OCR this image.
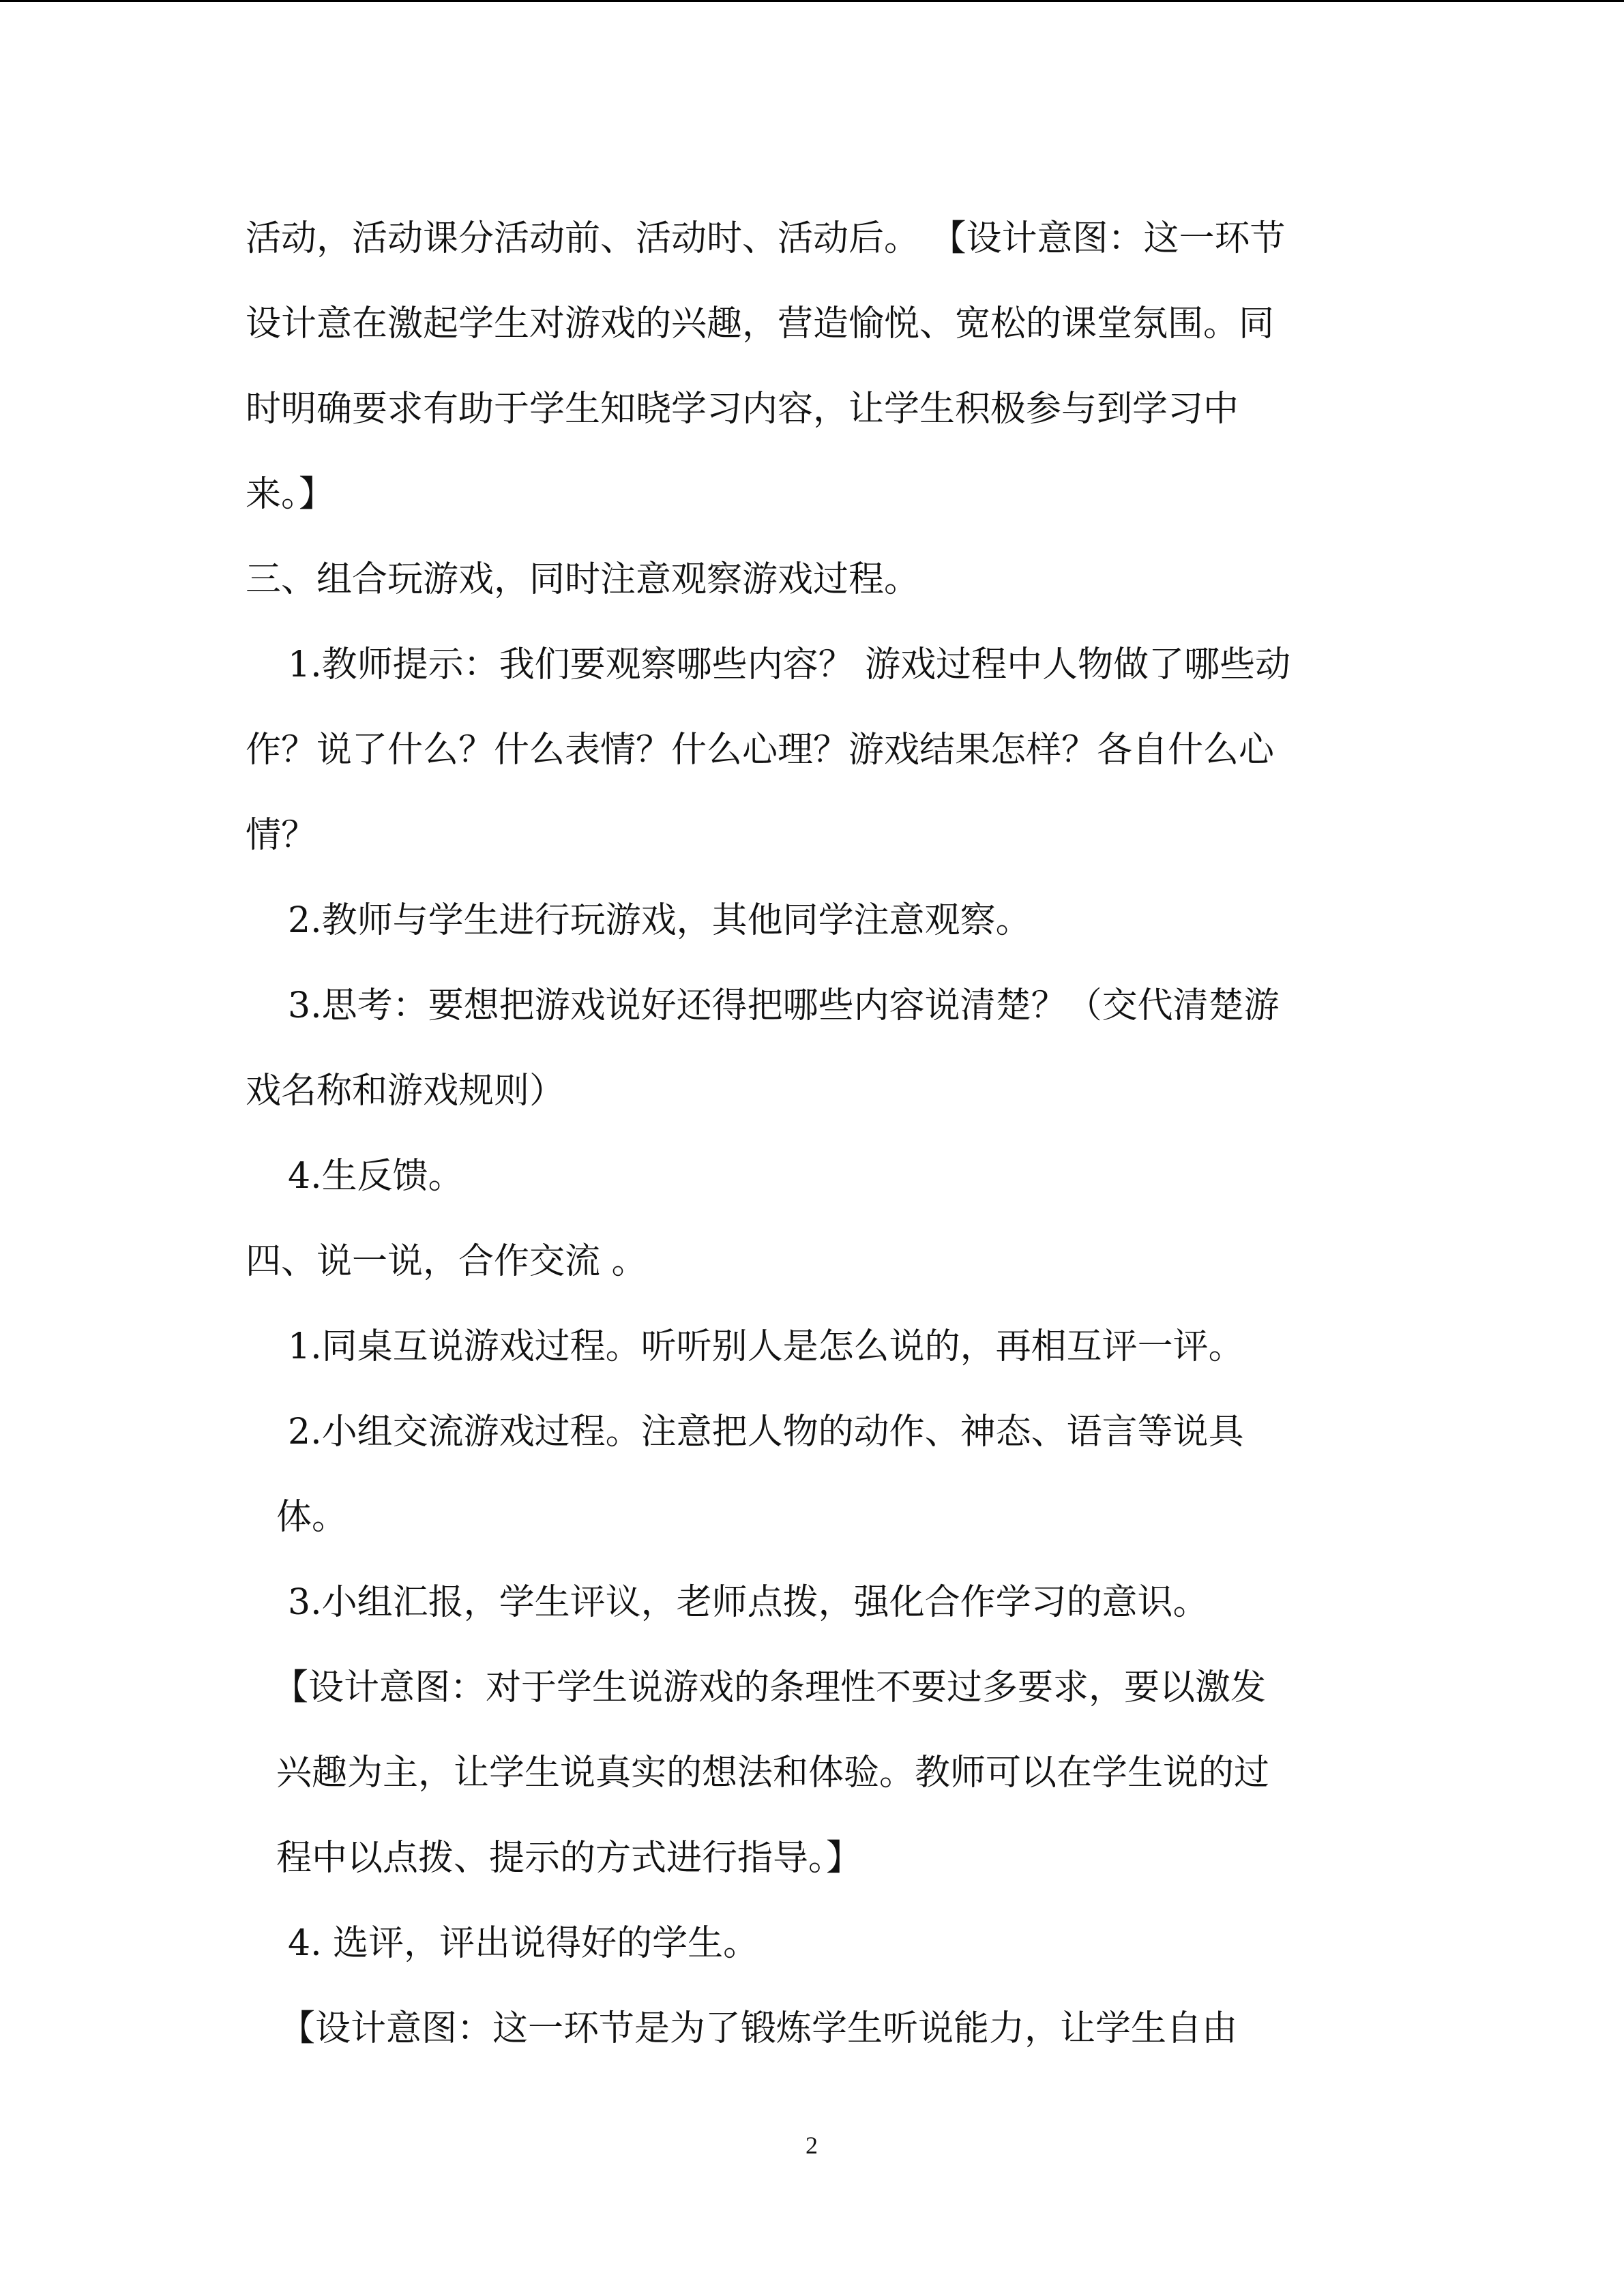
活动，活动课分活动前、活动时、活动后。 【设计意图：这一环节

设计意在激起学生对游戏的兴趣，营造愉悦、宽松的课堂氛围。同

时明确要求有助于学生知晓学习内容，让学生积极参与到学习中

来。】

三、组合玩游戏，同时注意观察游戏过程。

1.教师提示：我们要观察哪些内容？ 游戏过程中人物做了哪些动

作？说了什么？什么表情？什么心理？游戏结果怎样？各自什么心

情？

2.教师与学生进行玩游戏，其他同学注意观察。

3.思考：要想把游戏说好还得把哪些内容说清楚？（交代清楚游

戏名称和游戏规则）

4.生反馈。

四、说一说，合作交流 。

1.同桌互说游戏过程。听听别人是怎么说的，再相互评一评。

2.小组交流游戏过程。注意把人物的动作、神态、语言等说具

体。

3.小组汇报，学生评议，老师点拨，强化合作学习的意识。

【设计意图：对于学生说游戏的条理性不要过多要求，要以激发

兴趣为主，让学生说真实的想法和体验。教师可以在学生说的过

程中以点拨、提示的方式进行指导。】

4. 选评，评出说得好的学生。

【设计意图：这一环节是为了锻炼学生听说能力，让学生自由

2
